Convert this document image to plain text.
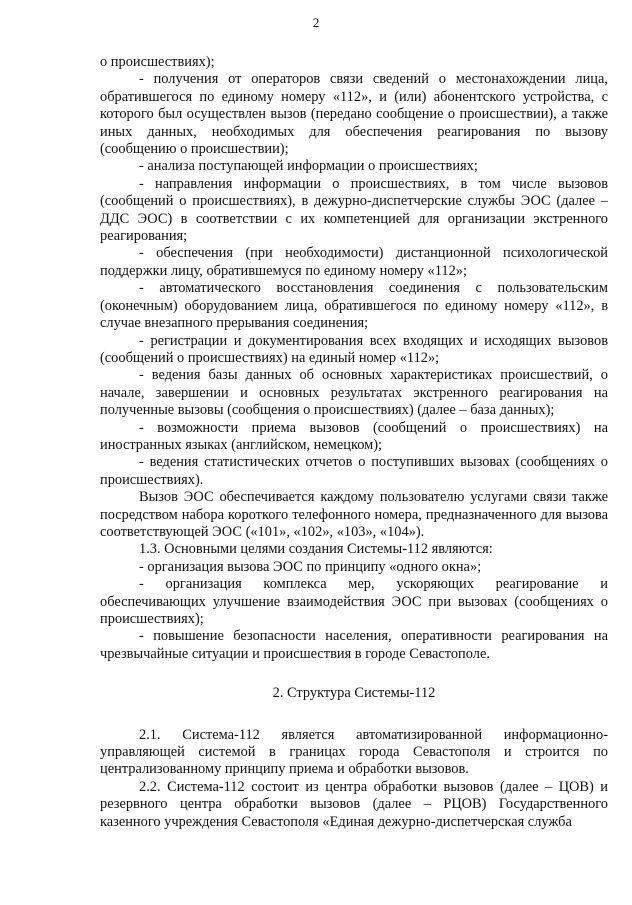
2

о происшествиях);

- получения от операторов связи сведений о местонахождении лица, обратившегося по единому номеру «112», и (или) абонентского устройства, с которого был осуществлен вызов (передано сообщение о происшествии), а также иных данных, необходимых для обеспечения реагирования по вызову (сообщению о происшествии);

- анализа поступающей информации о происшествиях;

- направления информации о происшествиях, в том числе вызовов (сообщений о происшествиях), в дежурно-диспетчерские службы ЭОС (далее – ДДС ЭОС) в соответствии с их компетенцией для организации экстренного реагирования;

- обеспечения (при необходимости) дистанционной психологической поддержки лицу, обратившемуся по единому номеру «112»;

- автоматического восстановления соединения с пользовательским (оконечным) оборудованием лица, обратившегося по единому номеру «112», в случае внезапного прерывания соединения;

- регистрации и документирования всех входящих и исходящих вызовов (сообщений о происшествиях) на единый номер «112»;

- ведения базы данных об основных характеристиках происшествий, о начале, завершении и основных результатах экстренного реагирования на полученные вызовы (сообщения о происшествиях) (далее – база данных);

- возможности приема вызовов (сообщений о происшествиях) на иностранных языках (английском, немецком);

- ведения статистических отчетов о поступивших вызовах (сообщениях о происшествиях).

Вызов ЭОС обеспечивается каждому пользователю услугами связи также посредством набора короткого телефонного номера, предназначенного для вызова соответствующей ЭОС («101», «102», «103», «104»).

1.3. Основными целями создания Системы-112 являются:

- организация вызова ЭОС по принципу «одного окна»;

- организация комплекса мер, ускоряющих реагирование и обеспечивающих улучшение взаимодействия ЭОС при вызовах (сообщениях о происшествиях);

- повышение безопасности населения, оперативности реагирования на чрезвычайные ситуации и происшествия в городе Севастополе.

2. Структура Системы-112

2.1. Система-112 является автоматизированной информационно-управляющей системой в границах города Севастополя и строится по централизованному принципу приема и обработки вызовов.

2.2. Система-112 состоит из центра обработки вызовов (далее – ЦОВ) и резервного центра обработки вызовов (далее – РЦОВ) Государственного казенного учреждения Севастополя «Единая дежурно-диспетчерская служба
